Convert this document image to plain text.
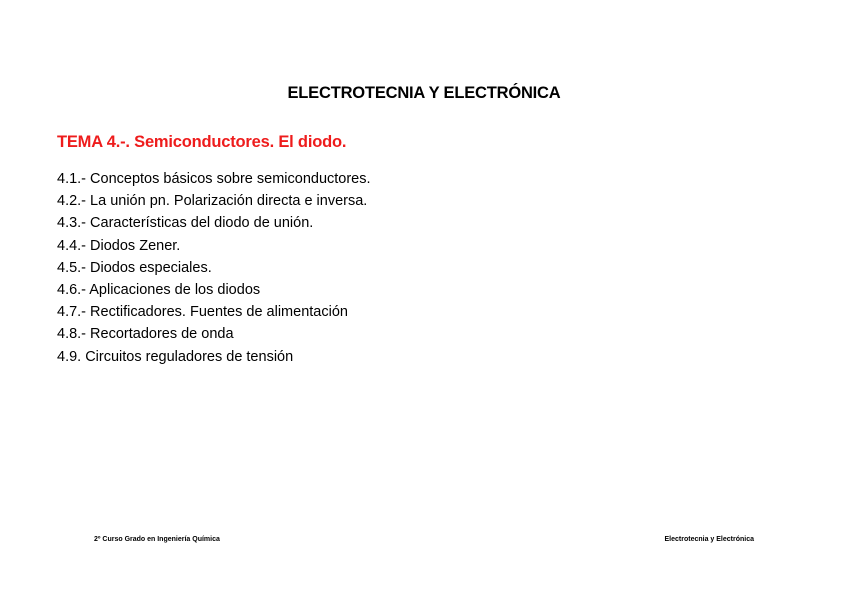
ELECTROTECNIA Y ELECTRÓNICA
TEMA 4.-. Semiconductores. El diodo.
4.1.- Conceptos básicos sobre semiconductores.
4.2.- La unión pn. Polarización directa e inversa.
4.3.- Características del diodo de unión.
4.4.- Diodos Zener.
4.5.- Diodos especiales.
4.6.- Aplicaciones de los diodos
4.7.- Rectificadores. Fuentes de alimentación
4.8.- Recortadores de onda
4.9. Circuitos reguladores de tensión
2º Curso Grado en Ingeniería Química	Electrotecnia y Electrónica
